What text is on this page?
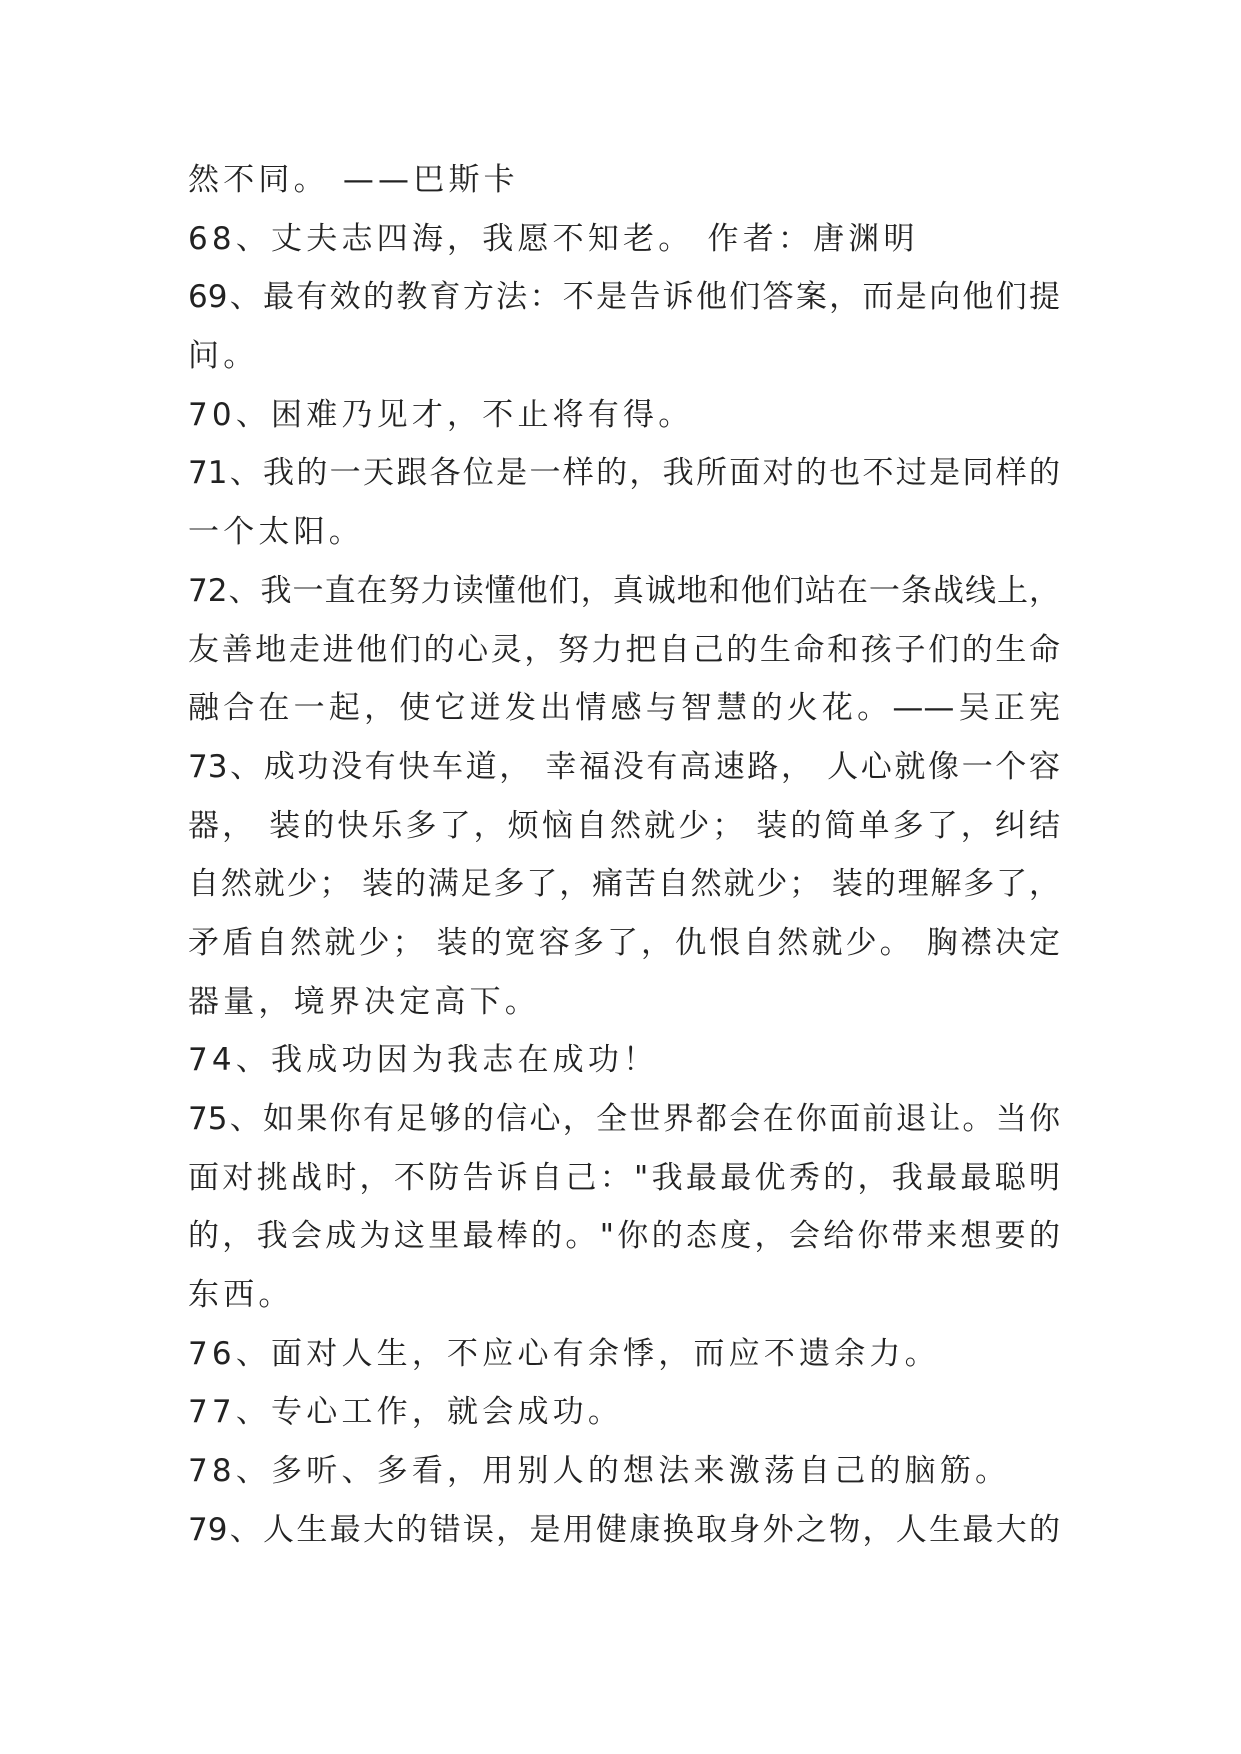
然不同。 ——巴斯卡
68、丈夫志四海，我愿不知老。 作者：唐渊明
69、最有效的教育方法：不是告诉他们答案，而是向他们提
问。
70、困难乃见才，不止将有得。
71、我的一天跟各位是一样的，我所面对的也不过是同样的
一个太阳。
72、我一直在努力读懂他们，真诚地和他们站在一条战线上，
友善地走进他们的心灵，努力把自己的生命和孩子们的生命
融合在一起，使它迸发出情感与智慧的火花。——吴正宪
73、成功没有快车道， 幸福没有高速路， 人心就像一个容
器， 装的快乐多了，烦恼自然就少； 装的简单多了，纠结
自然就少； 装的满足多了，痛苦自然就少； 装的理解多了，
矛盾自然就少； 装的宽容多了，仇恨自然就少。 胸襟决定
器量，境界决定高下。
74、我成功因为我志在成功！
75、如果你有足够的信心，全世界都会在你面前退让。当你
面对挑战时，不防告诉自己："我最最优秀的，我最最聪明
的，我会成为这里最棒的。"你的态度，会给你带来想要的
东西。
76、面对人生，不应心有余悸，而应不遗余力。
77、专心工作，就会成功。
78、多听、多看，用别人的想法来激荡自己的脑筋。
79、人生最大的错误，是用健康换取身外之物，人生最大的
